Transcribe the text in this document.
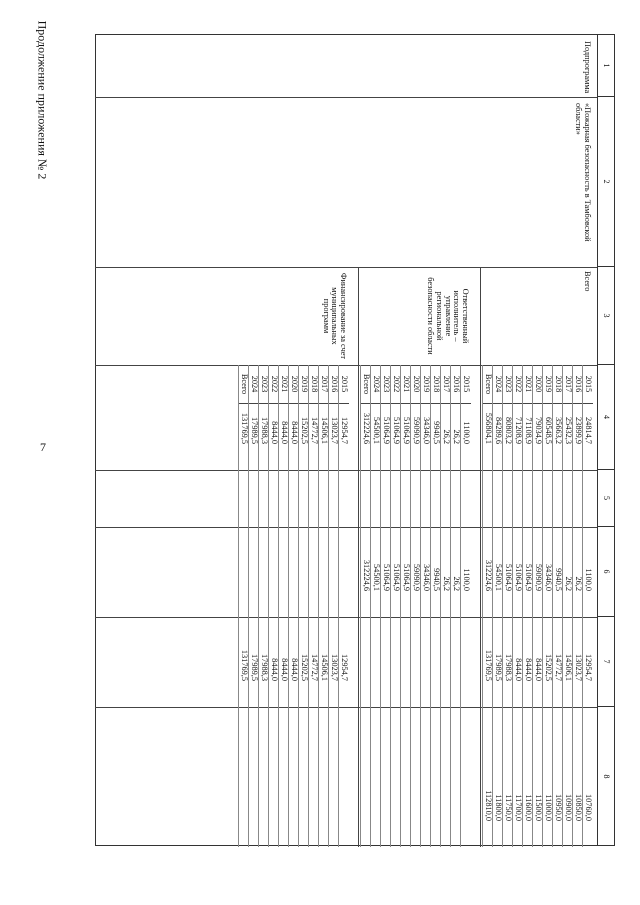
7
Продолжение приложения № 2	1
2
3
4
5
6
7
8
Подпрограмма
«Пожарная безопасность в Тамбовской области»
Всего
2015
24814,7
1100,0
12954,7
10760,0
2016
23899,9
26,2
13023,7
10850,0
2017
25432,3
26,2
14506,1
10900,0
2018
35663,2
9940,5
14772,7
10950,0
2019
60548,5
34346,0
15202,5
11000,0
2020
79034,9
59090,9
8444,0
11500,0
2021
71108,9
51064,9
8444,0
11600,0
2022
71208,9
51064,9
8444,0
11700,0
2023
80803,2
51064,9
17988,3
11750,0
2024
84289,6
54500,1
17989,5
11800,0
Всего
556804,1
312224,6
131769,5
112810,0
Ответственный исполнитель – управление региональной безопасности области
2015
1100,0
1100,0
2016
26,2
26,2
2017
26,2
26,2
2018
9940,5
9940,5
2019
34346,0
34346,0
2020
59090,9
59090,9
2021
51064,9
51064,9
2022
51064,9
51064,9
2023
51064,9
51064,9
2024
54500,1
54500,1
Всего
312224,6
312224,6
Финансирование за счет муниципальных программ
2015
12954,7
12954,7
2016
13023,7
13023,7
2017
14506,1
14506,1
2018
14772,7
14772,7
2019
15202,5
15202,5
2020
8444,0
8444,0
2021
8444,0
8444,0
2022
8444,0
8444,0
2023
17988,3
17988,3
2024
17989,5
17989,5
Всего
131769,5
131769,5
